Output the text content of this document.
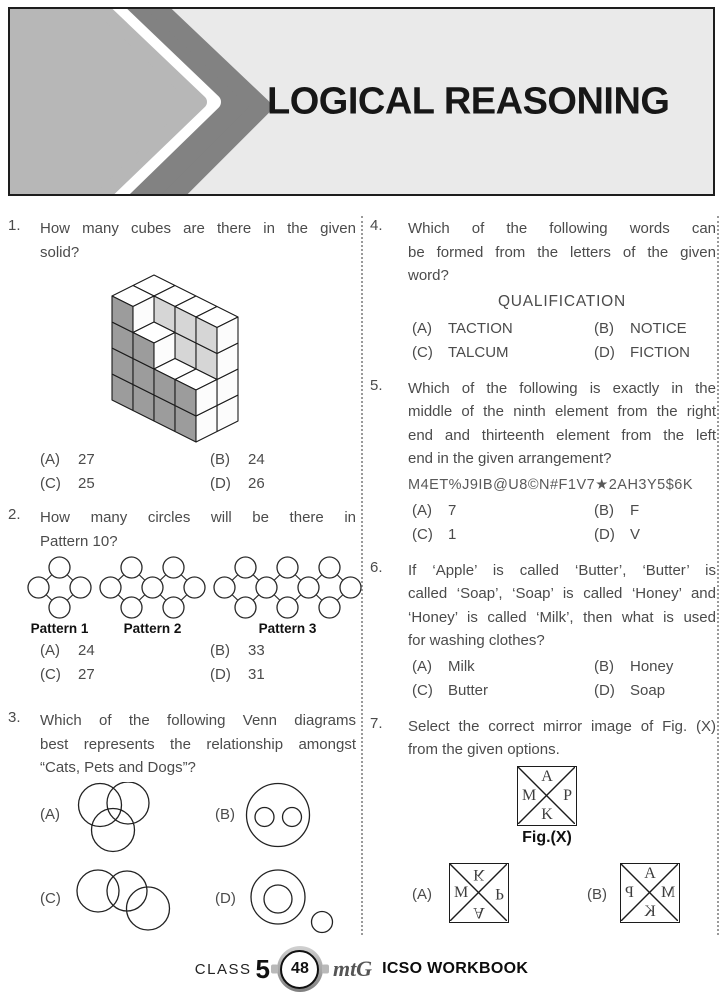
LOGICAL REASONING
1.	How many cubes are there in the given
solid?
(A)	27	(B)	24
(C)	25	(D)	26
2.	How many circles will be there in
Pattern 10?
Pattern 1	Pattern 2	Pattern 3
(A)	24	(B)	33
(C)	27	(D)	31
3.	Which of the following Venn diagrams
best represents the relationship amongst
“Cats, Pets and Dogs”?
(A)	(B)
(C)	(D)
4.	Which of the following words can
be formed from the letters of the given
word?
QUALIFICATION
(A)	TACTION	(B)	NOTICE
(C)	TALCUM	(D)	FICTION
5.	Which of the following is exactly in the
middle of the ninth element from the right
end and thirteenth element from the left
end in the given arrangement?
M4ET%J9IB@U8©N#F1V7★2AH3Y5$6K
(A)	7	(B)	F
(C)	1	(D)	V
6.	If ‘Apple’ is called ‘Butter’, ‘Butter’ is
called ‘Soap’, ‘Soap’ is called ‘Honey’ and
‘Honey’ is called ‘Milk’, then what is used
for washing clothes?
(A)	Milk	(B)	Honey
(C)	Butter	(D)	Soap
7.	Select the correct mirror image of Fig. (X)
from the given options.
A
M P
K
Fig.(X)
(A)
K
M P
A
(B)
A
P M
K
CLASS 5	48	mtG ICSO WORKBOOK
